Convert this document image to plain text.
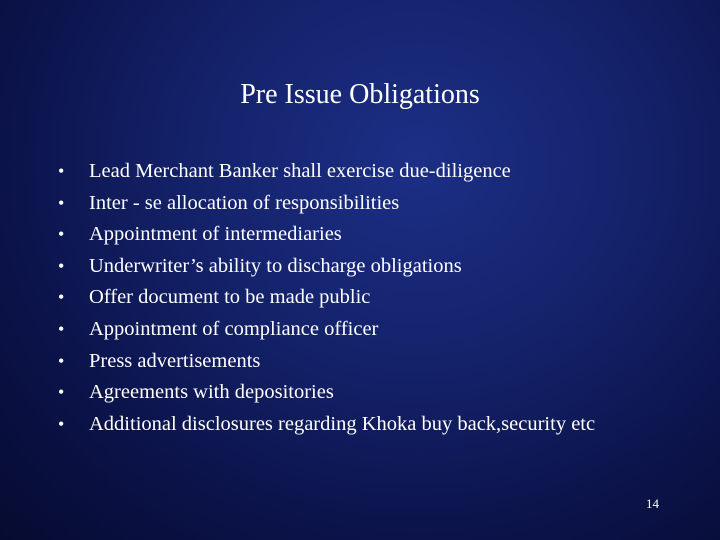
Pre Issue Obligations
• Lead Merchant Banker shall exercise due-diligence
• Inter - se allocation of responsibilities
• Appointment of intermediaries
• Underwriter’s ability to discharge obligations
• Offer document to be made public
• Appointment of compliance officer
• Press advertisements
• Agreements with depositories
• Additional disclosures regarding Khoka buy back,security etc
14
